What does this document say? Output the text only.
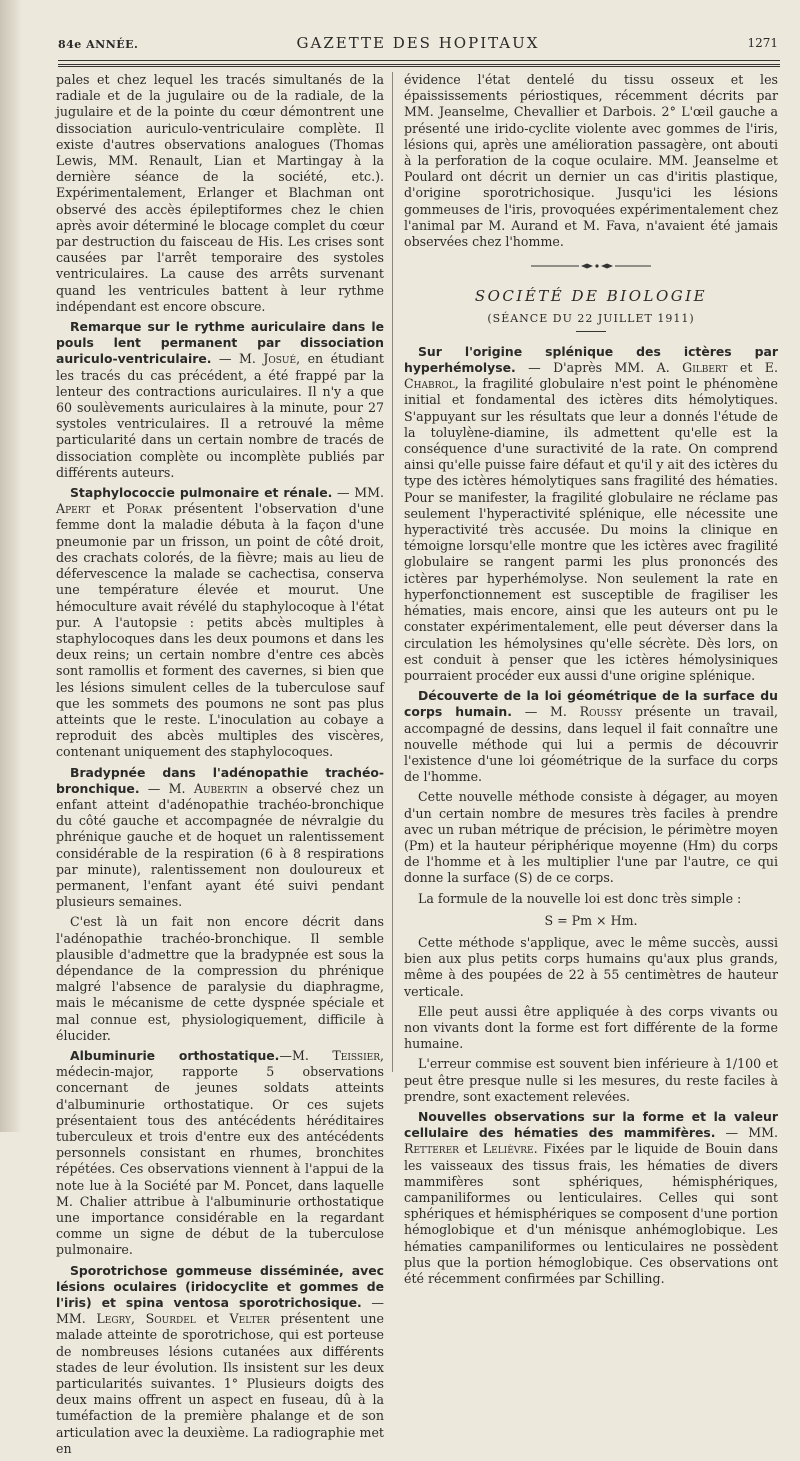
GAZETTE DES HOPITAUX
84e ANNÉE.	1271

pales et chez lequel les tracés simultanés de la radiale et de la jugulaire ou de la radiale, de la jugulaire et de la pointe du cœur démontrent une dissociation auriculo-ventriculaire complète. Il existe d'autres observations analogues (Thomas Lewis, MM. Renault, Lian et Martingay à la dernière séance de la société, etc.). Expérimentalement, Erlanger et Blachman ont observé des accès épileptiformes chez le chien après avoir déterminé le blocage complet du cœur par destruction du faisceau de His. Les crises sont causées par l'arrêt temporaire des systoles ventriculaires. La cause des arrêts survenant quand les ventricules battent à leur rythme indépendant est encore obscure.

Remarque sur le rythme auriculaire dans le pouls lent permanent par dissociation auriculo-ventriculaire. — M. Josué, en étudiant les tracés du cas précédent, a été frappé par la lenteur des contractions auriculaires. Il n'y a que 60 soulèvements auriculaires à la minute, pour 27 systoles ventriculaires. Il a retrouvé la même particularité dans un certain nombre de tracés de dissociation complète ou incomplète publiés par différents auteurs.

Staphylococcie pulmonaire et rénale. — MM. Apert et Porak présentent l'observation d'une femme dont la maladie débuta à la façon d'une pneumonie par un frisson, un point de côté droit, des crachats colorés, de la fièvre; mais au lieu de défervescence la malade se cachectisa, conserva une température élevée et mourut. Une hémoculture avait révélé du staphylocoque à l'état pur. A l'autopsie : petits abcès multiples à staphylocoques dans les deux poumons et dans les deux reins; un certain nombre d'entre ces abcès sont ramollis et forment des cavernes, si bien que les lésions simulent celles de la tuberculose sauf que les sommets des poumons ne sont pas plus atteints que le reste. L'inoculation au cobaye a reproduit des abcès multiples des viscères, contenant uniquement des staphylocoques.

Bradypnée dans l'adénopathie trachéo-bronchique. — M. Aubertin a observé chez un enfant atteint d'adénopathie trachéo-bronchique du côté gauche et accompagnée de névralgie du phrénique gauche et de hoquet un ralentissement considérable de la respiration (6 à 8 respirations par minute), ralentissement non douloureux et permanent, l'enfant ayant été suivi pendant plusieurs semaines.

C'est là un fait non encore décrit dans l'adénopathie trachéo-bronchique. Il semble plausible d'admettre que la bradypnée est sous la dépendance de la compression du phrénique malgré l'absence de paralysie du diaphragme, mais le mécanisme de cette dyspnée spéciale et mal connue est, physiologiquement, difficile à élucider.

Albuminurie orthostatique.—M. Teissier, médecin-major, rapporte 5 observations concernant de jeunes soldats atteints d'albuminurie orthostatique. Or ces sujets présentaient tous des antécédents héréditaires tuberculeux et trois d'entre eux des antécédents personnels consistant en rhumes, bronchites répétées. Ces observations viennent à l'appui de la note lue à la Société par M. Poncet, dans laquelle M. Chalier attribue à l'albuminurie orthostatique une importance considérable en la regardant comme un signe de début de la tuberculose pulmonaire.

Sporotrichose gommeuse disséminée, avec lésions oculaires (iridocyclite et gommes de l'iris) et spina ventosa sporotrichosique. — MM. Legry, Sourdel et Velter présentent une malade atteinte de sporotrichose, qui est porteuse de nombreuses lésions cutanées aux différents stades de leur évolution. Ils insistent sur les deux particularités suivantes. 1° Plusieurs doigts des deux mains offrent un aspect en fuseau, dû à la tuméfaction de la première phalange et de son articulation avec la deuxième. La radiographie met en

évidence l'état dentelé du tissu osseux et les épaississements périostiques, récemment décrits par MM. Jeanselme, Chevallier et Darbois. 2° L'œil gauche a présenté une irido-cyclite violente avec gommes de l'iris, lésions qui, après une amélioration passagère, ont abouti à la perforation de la coque oculaire. MM. Jeanselme et Poulard ont décrit un dernier un cas d'iritis plastique, d'origine sporotrichosique. Jusqu'ici les lésions gommeuses de l'iris, provoquées expérimentalement chez l'animal par M. Aurand et M. Fava, n'avaient été jamais observées chez l'homme.

SOCIÉTÉ DE BIOLOGIE
(SÉANCE DU 22 JUILLET 1911)

Sur l'origine splénique des ictères par hyperhémolyse. — D'après MM. A. Gilbert et E. Chabrol, la fragilité globulaire n'est point le phénomène initial et fondamental des ictères dits hémolytiques. S'appuyant sur les résultats que leur a donnés l'étude de la toluylène-diamine, ils admettent qu'elle est la conséquence d'une suractivité de la rate. On comprend ainsi qu'elle puisse faire défaut et qu'il y ait des ictères du type des ictères hémolytiques sans fragilité des hématies. Pour se manifester, la fragilité globulaire ne réclame pas seulement l'hyperactivité splénique, elle nécessite une hyperactivité très accusée. Du moins la clinique en témoigne lorsqu'elle montre que les ictères avec fragilité globulaire se rangent parmi les plus prononcés des ictères par hyperhémolyse. Non seulement la rate en hyperfonctionnement est susceptible de fragiliser les hématies, mais encore, ainsi que les auteurs ont pu le constater expérimentalement, elle peut déverser dans la circulation les hémolysines qu'elle sécrète. Dès lors, on est conduit à penser que les ictères hémolysiniques pourraient procéder eux aussi d'une origine splénique.

Découverte de la loi géométrique de la surface du corps humain. — M. Roussy présente un travail, accompagné de dessins, dans lequel il fait connaître une nouvelle méthode qui lui a permis de découvrir l'existence d'une loi géométrique de la surface du corps de l'homme.

Cette nouvelle méthode consiste à dégager, au moyen d'un certain nombre de mesures très faciles à prendre avec un ruban métrique de précision, le périmètre moyen (Pm) et la hauteur périphérique moyenne (Hm) du corps de l'homme et à les multiplier l'une par l'autre, ce qui donne la surface (S) de ce corps.

La formule de la nouvelle loi est donc très simple :

S = Pm × Hm.

Cette méthode s'applique, avec le même succès, aussi bien aux plus petits corps humains qu'aux plus grands, même à des poupées de 22 à 55 centimètres de hauteur verticale.

Elle peut aussi être appliquée à des corps vivants ou non vivants dont la forme est fort différente de la forme humaine.

L'erreur commise est souvent bien inférieure à 1/100 et peut être presque nulle si les mesures, du reste faciles à prendre, sont exactement relevées.

Nouvelles observations sur la forme et la valeur cellulaire des hématies des mammifères. — MM. Retterer et Lelièvre. Fixées par le liquide de Bouin dans les vaisseaux des tissus frais, les hématies de divers mammifères sont sphériques, hémisphériques, campaniliformes ou lenticulaires. Celles qui sont sphériques et hémisphériques se composent d'une portion hémoglobique et d'un ménisque anhémoglobique. Les hématies campaniliformes ou lenticulaires ne possèdent plus que la portion hémoglobique. Ces observations ont été récemment confirmées par Schilling.
